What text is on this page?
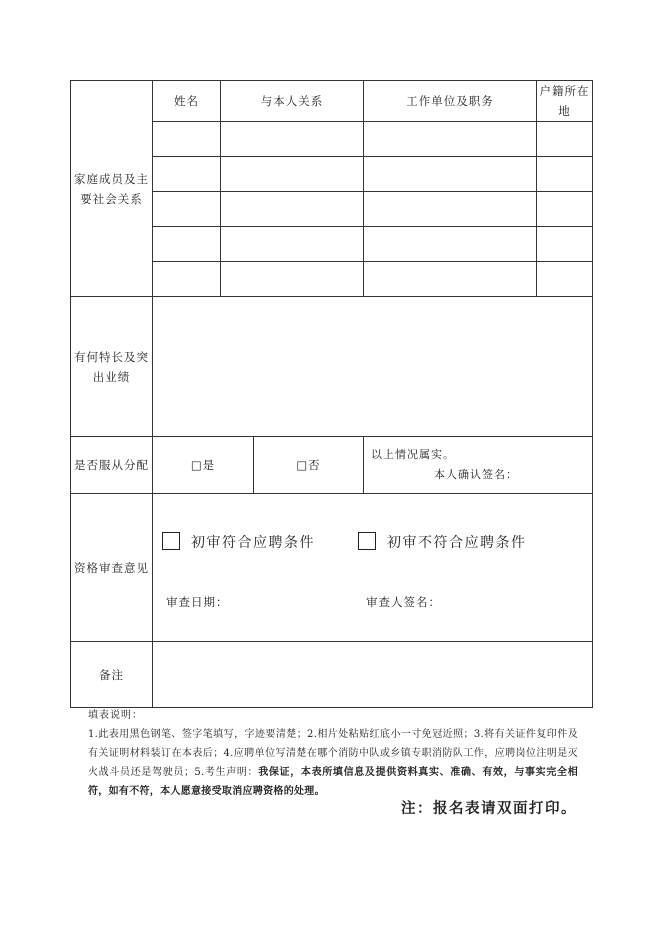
家庭成员及主要社会关系	姓名	与本人关系		工作单位及职务	户籍所在地

有何特长及突出业绩					
是否服从分配	□是		□否	以上情况属实。
本人确认签名：	

资格审查意见	初审符合应聘条件 初审不符合应聘条件
审查日期： 审查人签名：				

备注					
填表说明：
1.此表用黑色钢笔、签字笔填写，字迹要清楚；2.相片处粘贴红底小一寸免冠近照；3.将有关证件复印件及有关证明材料装订在本表后；4.应聘单位写清楚在哪个消防中队或乡镇专职消防队工作，应聘岗位注明是灭火战斗员还是驾驶员；5.考生声明：我保证，本表所填信息及提供资料真实、准确、有效，与事实完全相符，如有不符，本人愿意接受取消应聘资格的处理。
注：报名表请双面打印。
